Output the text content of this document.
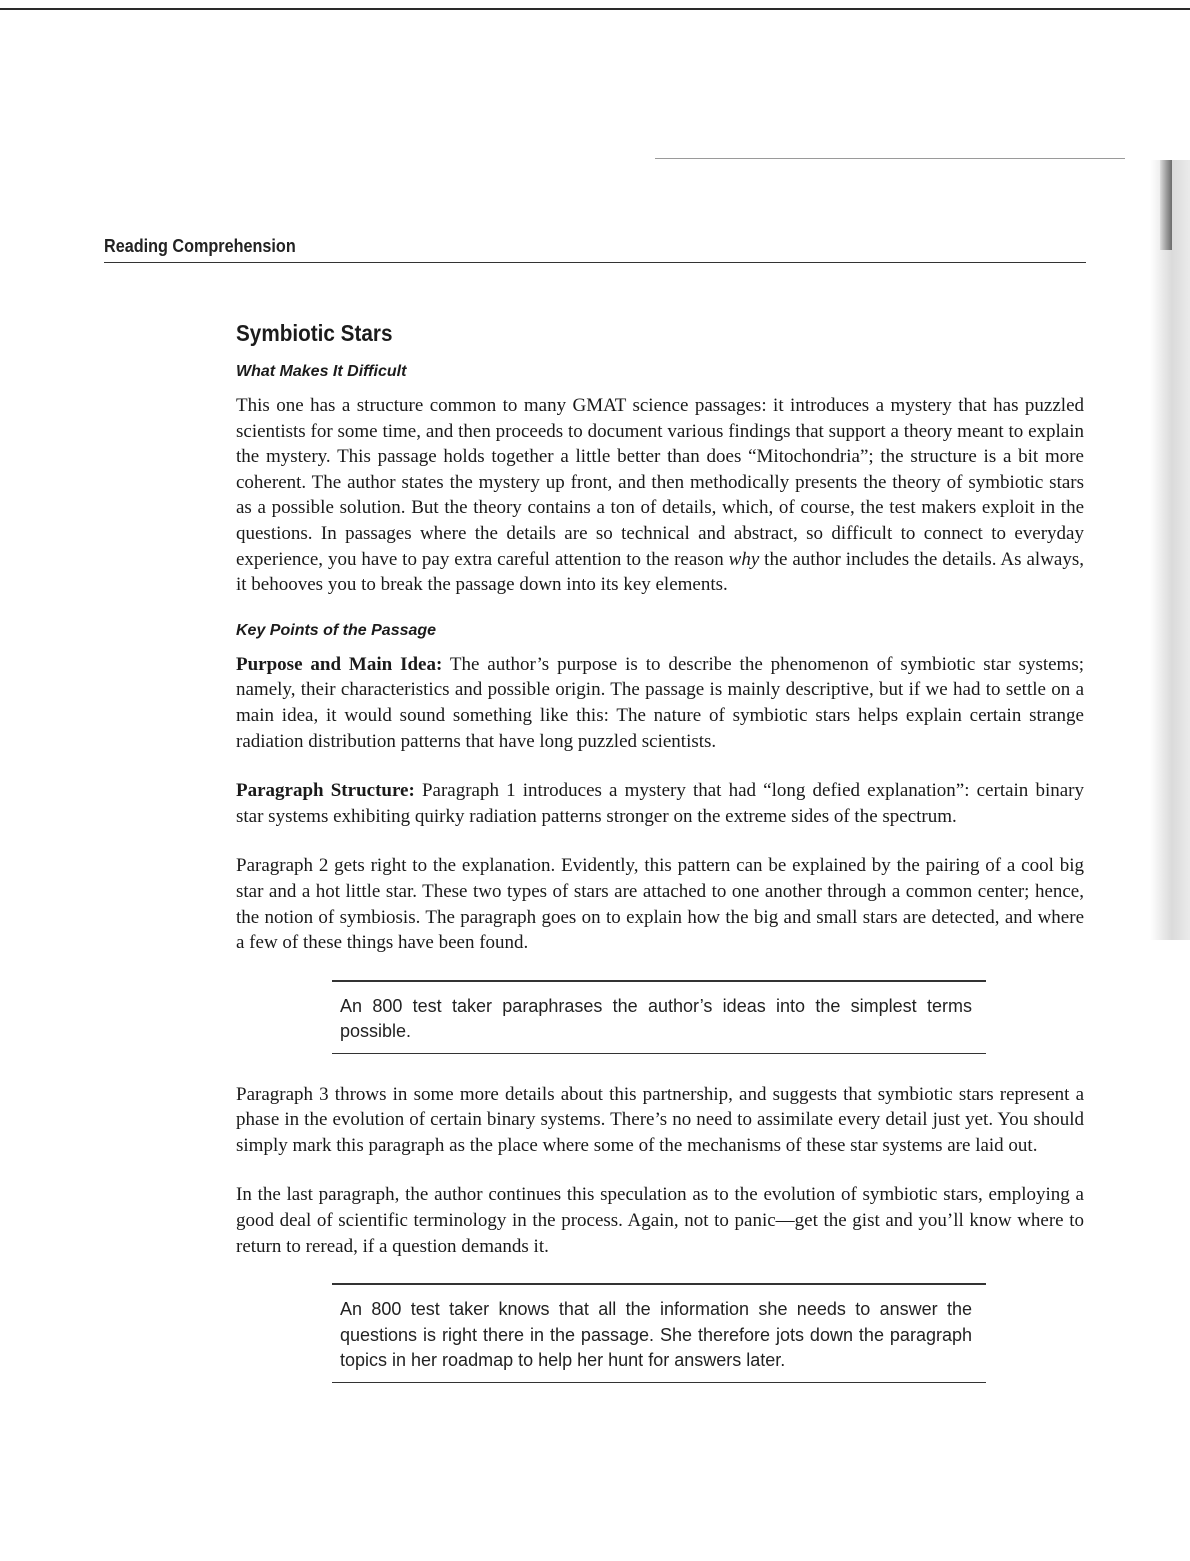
Reading Comprehension
Symbiotic Stars
What Makes It Difficult

This one has a structure common to many GMAT science passages: it introduces a mystery that has puzzled scientists for some time, and then proceeds to document various findings that support a theory meant to explain the mystery. This passage holds together a little better than does “Mitochondria”; the structure is a bit more coherent. The author states the mystery up front, and then methodically presents the theory of symbiotic stars as a possible solution. But the theory contains a ton of details, which, of course, the test makers exploit in the questions. In passages where the details are so technical and abstract, so difficult to connect to everyday experience, you have to pay extra careful attention to the reason why the author includes the details. As always, it behooves you to break the passage down into its key elements.

Key Points of the Passage

Purpose and Main Idea: The author’s purpose is to describe the phenomenon of symbiotic star systems; namely, their characteristics and possible origin. The passage is mainly descriptive, but if we had to settle on a main idea, it would sound something like this: The nature of symbiotic stars helps explain certain strange radiation distribution patterns that have long puzzled scientists.

Paragraph Structure: Paragraph 1 introduces a mystery that had “long defied explanation”: certain binary star systems exhibiting quirky radiation patterns stronger on the extreme sides of the spectrum.

Paragraph 2 gets right to the explanation. Evidently, this pattern can be explained by the pairing of a cool big star and a hot little star. These two types of stars are attached to one another through a common center; hence, the notion of symbiosis. The paragraph goes on to explain how the big and small stars are detected, and where a few of these things have been found.

An 800 test taker paraphrases the author’s ideas into the simplest terms possible.

Paragraph 3 throws in some more details about this partnership, and suggests that symbiotic stars represent a phase in the evolution of certain binary systems. There’s no need to assimilate every detail just yet. You should simply mark this paragraph as the place where some of the mechanisms of these star systems are laid out.

In the last paragraph, the author continues this speculation as to the evolution of symbiotic stars, employing a good deal of scientific terminology in the process. Again, not to panic—get the gist and you’ll know where to return to reread, if a question demands it.

An 800 test taker knows that all the information she needs to answer the questions is right there in the passage. She therefore jots down the paragraph topics in her roadmap to help her hunt for answers later.
